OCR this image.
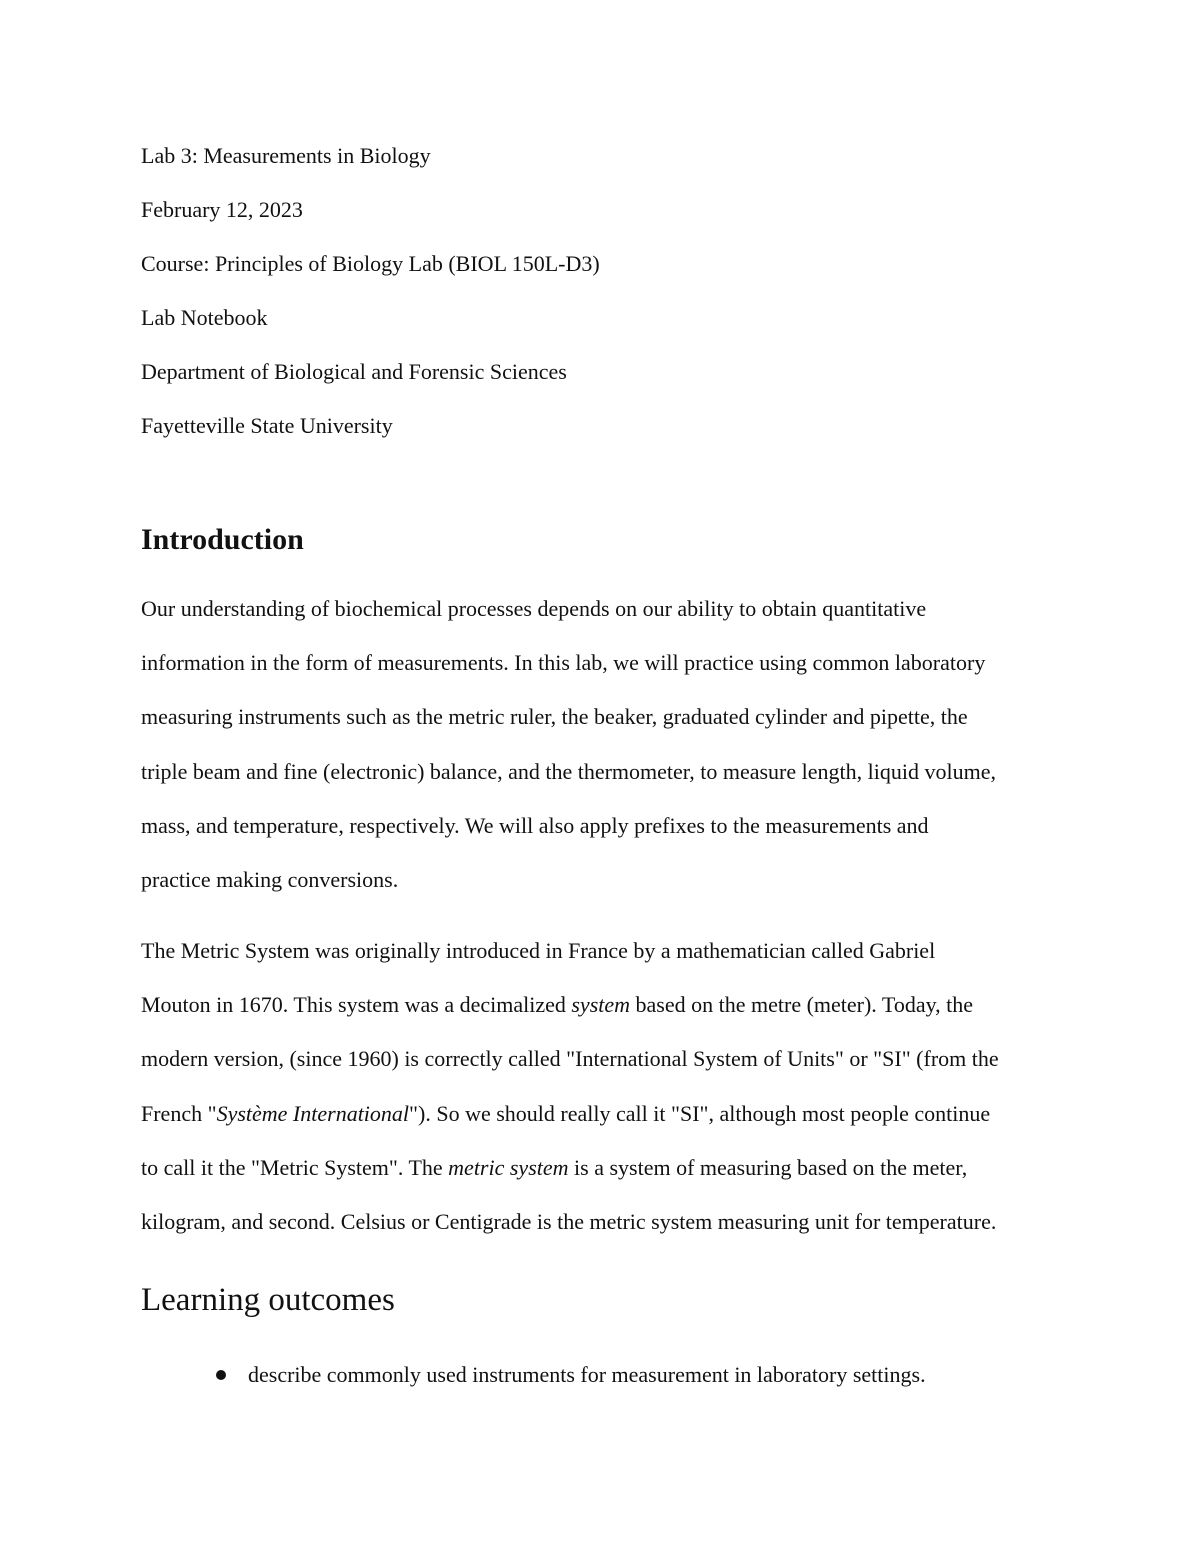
Lab 3: Measurements in Biology
February 12, 2023
Course: Principles of Biology Lab (BIOL 150L-D3)
Lab Notebook
Department of Biological and Forensic Sciences
Fayetteville State University
Introduction

Our understanding of biochemical processes depends on our ability to obtain quantitative
information in the form of measurements. In this lab, we will practice using common laboratory
measuring instruments such as the metric ruler, the beaker, graduated cylinder and pipette, the
triple beam and fine (electronic) balance, and the thermometer, to measure length, liquid volume,
mass, and temperature, respectively. We will also apply prefixes to the measurements and
practice making conversions.

The Metric System was originally introduced in France by a mathematician called Gabriel
Mouton in 1670. This system was a decimalized system based on the metre (meter). Today, the
modern version, (since 1960) is correctly called "International System of Units" or "SI" (from the
French "Système International"). So we should really call it "SI", although most people continue
to call it the "Metric System". The metric system is a system of measuring based on the meter,
kilogram, and second. Celsius or Centigrade is the metric system measuring unit for temperature.

Learning outcomes
describe commonly used instruments for measurement in laboratory settings.
